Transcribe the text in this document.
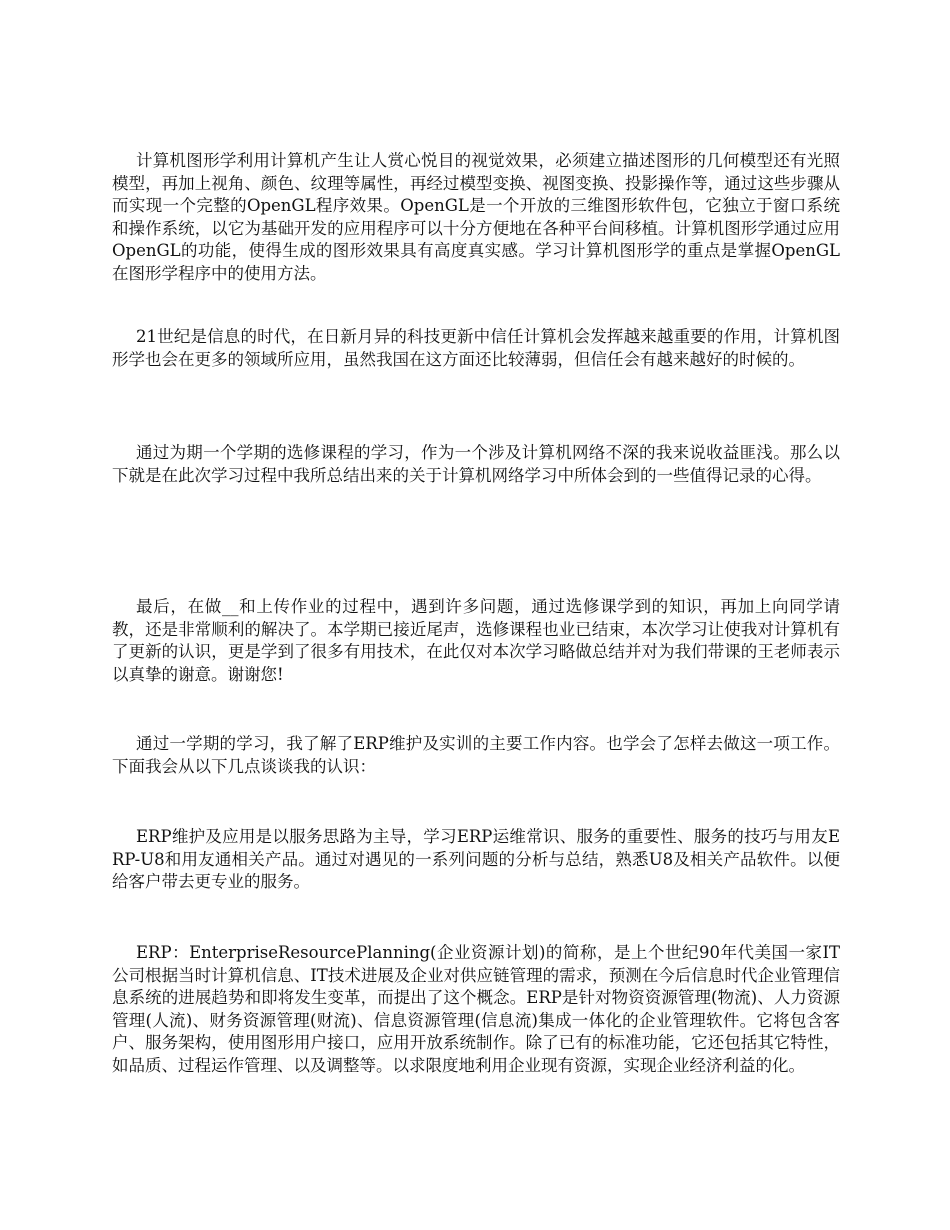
计算机图形学利用计算机产生让人赏心悦目的视觉效果，必须建立描述图形的几何模型还有光照模型，再加上视角、颜色、纹理等属性，再经过模型变换、视图变换、投影操作等，通过这些步骤从而实现一个完整的OpenGL程序效果。OpenGL是一个开放的三维图形软件包，它独立于窗口系统和操作系统，以它为基础开发的应用程序可以十分方便地在各种平台间移植。计算机图形学通过应用OpenGL的功能，使得生成的图形效果具有高度真实感。学习计算机图形学的重点是掌握OpenGL在图形学程序中的使用方法。

21世纪是信息的时代，在日新月异的科技更新中信任计算机会发挥越来越重要的作用，计算机图形学也会在更多的领域所应用，虽然我国在这方面还比较薄弱，但信任会有越来越好的时候的。

通过为期一个学期的选修课程的学习，作为一个涉及计算机网络不深的我来说收益匪浅。那么以下就是在此次学习过程中我所总结出来的关于计算机网络学习中所体会到的一些值得记录的心得。

最后，在做__和上传作业的过程中，遇到许多问题，通过选修课学到的知识，再加上向同学请教，还是非常顺利的解决了。本学期已接近尾声，选修课程也业已结束，本次学习让使我对计算机有了更新的认识，更是学到了很多有用技术，在此仅对本次学习略做总结并对为我们带课的王老师表示以真挚的谢意。谢谢您!

通过一学期的学习，我了解了ERP维护及实训的主要工作内容。也学会了怎样去做这一项工作。下面我会从以下几点谈谈我的认识：

ERP维护及应用是以服务思路为主导，学习ERP运维常识、服务的重要性、服务的技巧与用友ERP-U8和用友通相关产品。通过对遇见的一系列问题的分析与总结，熟悉U8及相关产品软件。以便给客户带去更专业的服务。

ERP：EnterpriseResourcePlanning(企业资源计划)的简称，是上个世纪90年代美国一家IT公司根据当时计算机信息、IT技术进展及企业对供应链管理的需求，预测在今后信息时代企业管理信息系统的进展趋势和即将发生变革，而提出了这个概念。ERP是针对物资资源管理(物流)、人力资源管理(人流)、财务资源管理(财流)、信息资源管理(信息流)集成一体化的企业管理软件。它将包含客户、服务架构，使用图形用户接口，应用开放系统制作。除了已有的标准功能，它还包括其它特性，如品质、过程运作管理、以及调整等。以求限度地利用企业现有资源，实现企业经济利益的化。
